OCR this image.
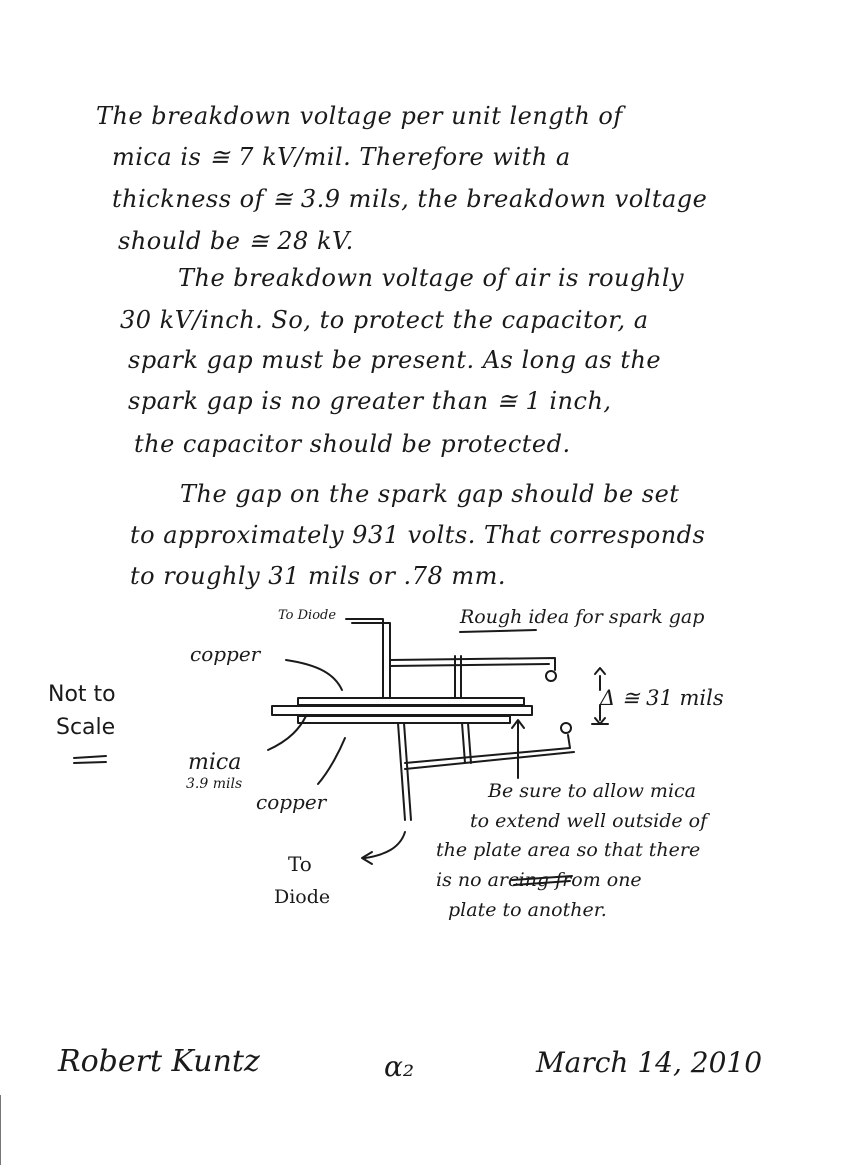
The breakdown voltage per unit length of
mica is ≅ 7 kV/mil. Therefore with a
thickness of ≅ 3.9 mils, the breakdown voltage
should be ≅ 28 kV.
The breakdown voltage of air is roughly
30 kV/inch. So, to protect the capacitor, a
spark gap must be present. As long as the
spark gap is no greater than ≅ 1 inch,
the capacitor should be protected.
The gap on the spark gap should be set
to approximately 931 volts. That corresponds
to roughly 31 mils or .78 mm.
To Diode	Rough idea for spark gap
copper
Not to
Scale
Δ ≅ 31 mils
mica
3.9 mils
copper
To
Diode
Be sure to allow mica
to extend well outside of
the plate area so that there
is no arcing from one
plate to another.
Robert Kuntz	α₂	March 14, 2010
